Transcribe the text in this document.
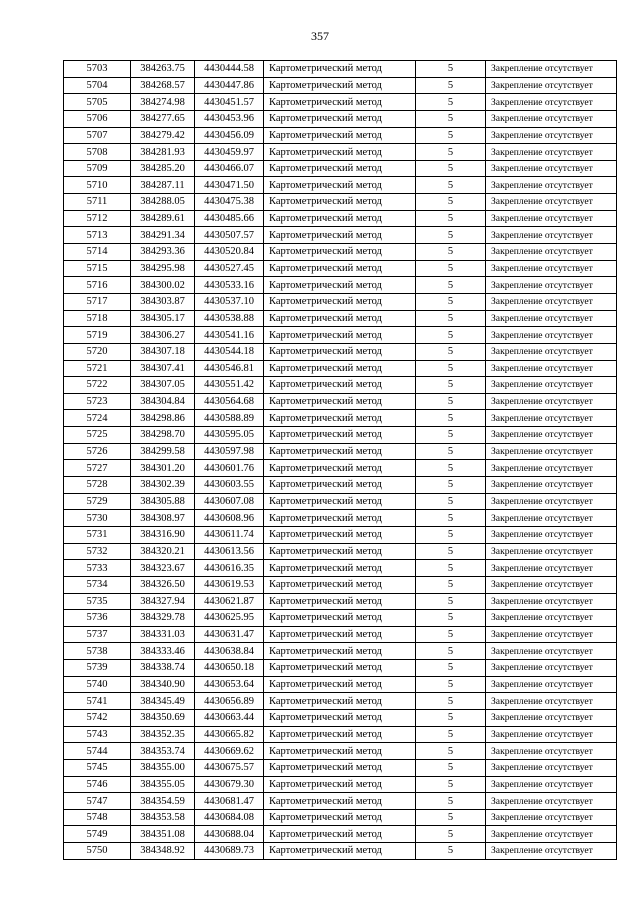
357
5703	384263.75	4430444.58	Картометрический метод	5	Закрепление отсутствует
5704	384268.57	4430447.86	Картометрический метод	5	Закрепление отсутствует
5705	384274.98	4430451.57	Картометрический метод	5	Закрепление отсутствует
5706	384277.65	4430453.96	Картометрический метод	5	Закрепление отсутствует
5707	384279.42	4430456.09	Картометрический метод	5	Закрепление отсутствует
5708	384281.93	4430459.97	Картометрический метод	5	Закрепление отсутствует
5709	384285.20	4430466.07	Картометрический метод	5	Закрепление отсутствует
5710	384287.11	4430471.50	Картометрический метод	5	Закрепление отсутствует
5711	384288.05	4430475.38	Картометрический метод	5	Закрепление отсутствует
5712	384289.61	4430485.66	Картометрический метод	5	Закрепление отсутствует
5713	384291.34	4430507.57	Картометрический метод	5	Закрепление отсутствует
5714	384293.36	4430520.84	Картометрический метод	5	Закрепление отсутствует
5715	384295.98	4430527.45	Картометрический метод	5	Закрепление отсутствует
5716	384300.02	4430533.16	Картометрический метод	5	Закрепление отсутствует
5717	384303.87	4430537.10	Картометрический метод	5	Закрепление отсутствует
5718	384305.17	4430538.88	Картометрический метод	5	Закрепление отсутствует
5719	384306.27	4430541.16	Картометрический метод	5	Закрепление отсутствует
5720	384307.18	4430544.18	Картометрический метод	5	Закрепление отсутствует
5721	384307.41	4430546.81	Картометрический метод	5	Закрепление отсутствует
5722	384307.05	4430551.42	Картометрический метод	5	Закрепление отсутствует
5723	384304.84	4430564.68	Картометрический метод	5	Закрепление отсутствует
5724	384298.86	4430588.89	Картометрический метод	5	Закрепление отсутствует
5725	384298.70	4430595.05	Картометрический метод	5	Закрепление отсутствует
5726	384299.58	4430597.98	Картометрический метод	5	Закрепление отсутствует
5727	384301.20	4430601.76	Картометрический метод	5	Закрепление отсутствует
5728	384302.39	4430603.55	Картометрический метод	5	Закрепление отсутствует
5729	384305.88	4430607.08	Картометрический метод	5	Закрепление отсутствует
5730	384308.97	4430608.96	Картометрический метод	5	Закрепление отсутствует
5731	384316.90	4430611.74	Картометрический метод	5	Закрепление отсутствует
5732	384320.21	4430613.56	Картометрический метод	5	Закрепление отсутствует
5733	384323.67	4430616.35	Картометрический метод	5	Закрепление отсутствует
5734	384326.50	4430619.53	Картометрический метод	5	Закрепление отсутствует
5735	384327.94	4430621.87	Картометрический метод	5	Закрепление отсутствует
5736	384329.78	4430625.95	Картометрический метод	5	Закрепление отсутствует
5737	384331.03	4430631.47	Картометрический метод	5	Закрепление отсутствует
5738	384333.46	4430638.84	Картометрический метод	5	Закрепление отсутствует
5739	384338.74	4430650.18	Картометрический метод	5	Закрепление отсутствует
5740	384340.90	4430653.64	Картометрический метод	5	Закрепление отсутствует
5741	384345.49	4430656.89	Картометрический метод	5	Закрепление отсутствует
5742	384350.69	4430663.44	Картометрический метод	5	Закрепление отсутствует
5743	384352.35	4430665.82	Картометрический метод	5	Закрепление отсутствует
5744	384353.74	4430669.62	Картометрический метод	5	Закрепление отсутствует
5745	384355.00	4430675.57	Картометрический метод	5	Закрепление отсутствует
5746	384355.05	4430679.30	Картометрический метод	5	Закрепление отсутствует
5747	384354.59	4430681.47	Картометрический метод	5	Закрепление отсутствует
5748	384353.58	4430684.08	Картометрический метод	5	Закрепление отсутствует
5749	384351.08	4430688.04	Картометрический метод	5	Закрепление отсутствует
5750	384348.92	4430689.73	Картометрический метод	5	Закрепление отсутствует
